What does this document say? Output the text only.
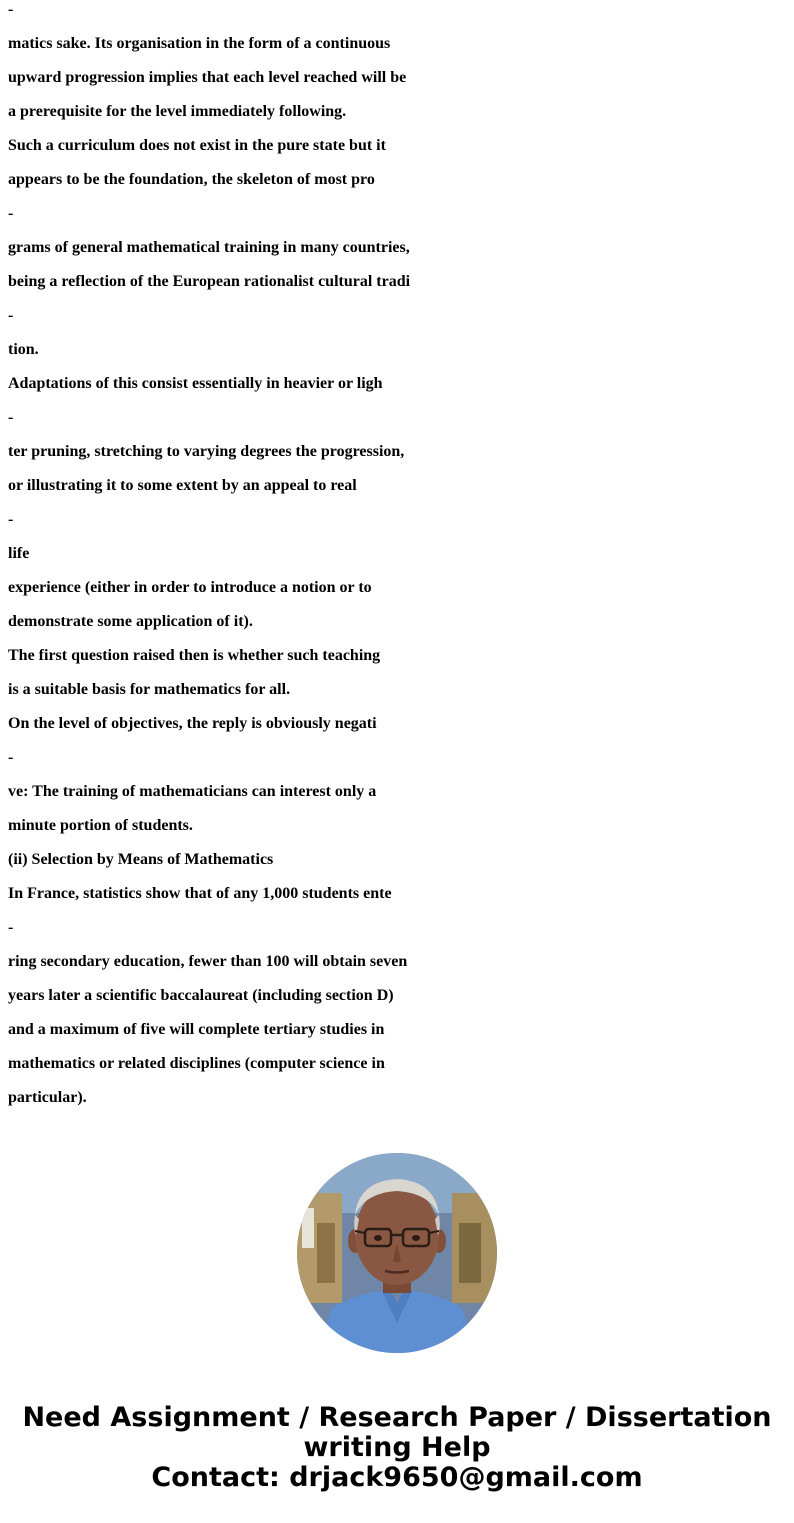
-
matics sake. Its organisation in the form of a continuous
upward progression implies that each level reached will be
a prerequisite for the level immediately following.
Such a curriculum does not exist in the pure state but it
appears to be the foundation, the skeleton of most pro
-
grams of general mathematical training in many countries,
being a reflection of the European rationalist cultural tradi
-
tion.
Adaptations of this consist essentially in heavier or ligh
-
ter pruning, stretching to varying degrees the progression,
or illustrating it to some extent by an appeal to real
-
life
experience (either in order to introduce a notion or to
demonstrate some application of it).
The first question raised then is whether such teaching
is a suitable basis for mathematics for all.
On the level of objectives, the reply is obviously negati
-
ve: The training of mathematicians can interest only a
minute portion of students.
(ii) Selection by Means of Mathematics
In France, statistics show that of any 1,000 students ente
-
ring secondary education, fewer than 100 will obtain seven
years later a scientific baccalaureat (including section D)
and a maximum of five will complete tertiary studies in
mathematics or related disciplines (computer science in
particular).
Need Assignment / Research Paper / Dissertation
writing Help
Contact: drjack9650@gmail.com
